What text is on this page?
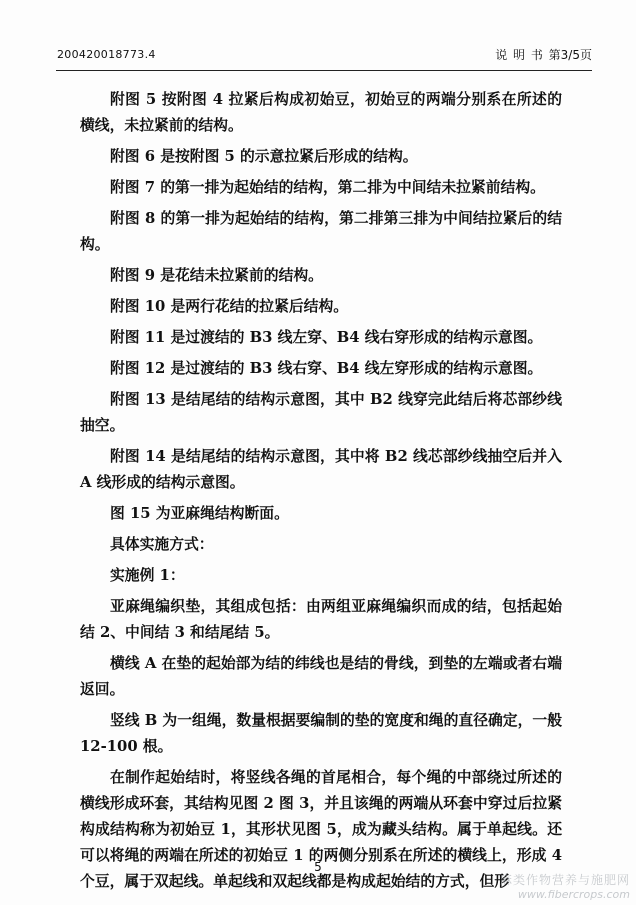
200420018773.4	说 明 书 第3/5页

附图 5 按附图 4 拉紧后构成初始豆，初始豆的两端分别系在所述的横线，未拉紧前的结构。

附图 6 是按附图 5 的示意拉紧后形成的结构。

附图 7 的第一排为起始结的结构，第二排为中间结未拉紧前结构。

附图 8 的第一排为起始结的结构，第二排第三排为中间结拉紧后的结构。

附图 9 是花结未拉紧前的结构。

附图 10 是两行花结的拉紧后结构。

附图 11 是过渡结的 B3 线左穿、B4 线右穿形成的结构示意图。

附图 12 是过渡结的 B3 线右穿、B4 线左穿形成的结构示意图。

附图 13 是结尾结的结构示意图，其中 B2 线穿完此结后将芯部纱线抽空。

附图 14 是结尾结的结构示意图，其中将 B2 线芯部纱线抽空后并入 A 线形成的结构示意图。

图 15 为亚麻绳结构断面。

具体实施方式：

实施例 1：

亚麻绳编织垫，其组成包括：由两组亚麻绳编织而成的结，包括起始结 2、中间结 3 和结尾结 5。

横线 A 在垫的起始部为结的纬线也是结的骨线，到垫的左端或者右端返回。

竖线 B 为一组绳，数量根据要编制的垫的宽度和绳的直径确定，一般 12-100 根。

在制作起始结时，将竖线各绳的首尾相合，每个绳的中部绕过所述的横线形成环套，其结构见图 2 图 3，并且该绳的两端从环套中穿过后拉紧构成结构称为初始豆 1，其形状见图 5，成为藏头结构。属于单起线。还可以将绳的两端在所述的初始豆 1 的两侧分别系在所述的横线上，形成 4 个豆，属于双起线。单起线和双起线都是构成起始结的方式，但形

5
麻类作物营养与施肥网
www.fibercrops.com
